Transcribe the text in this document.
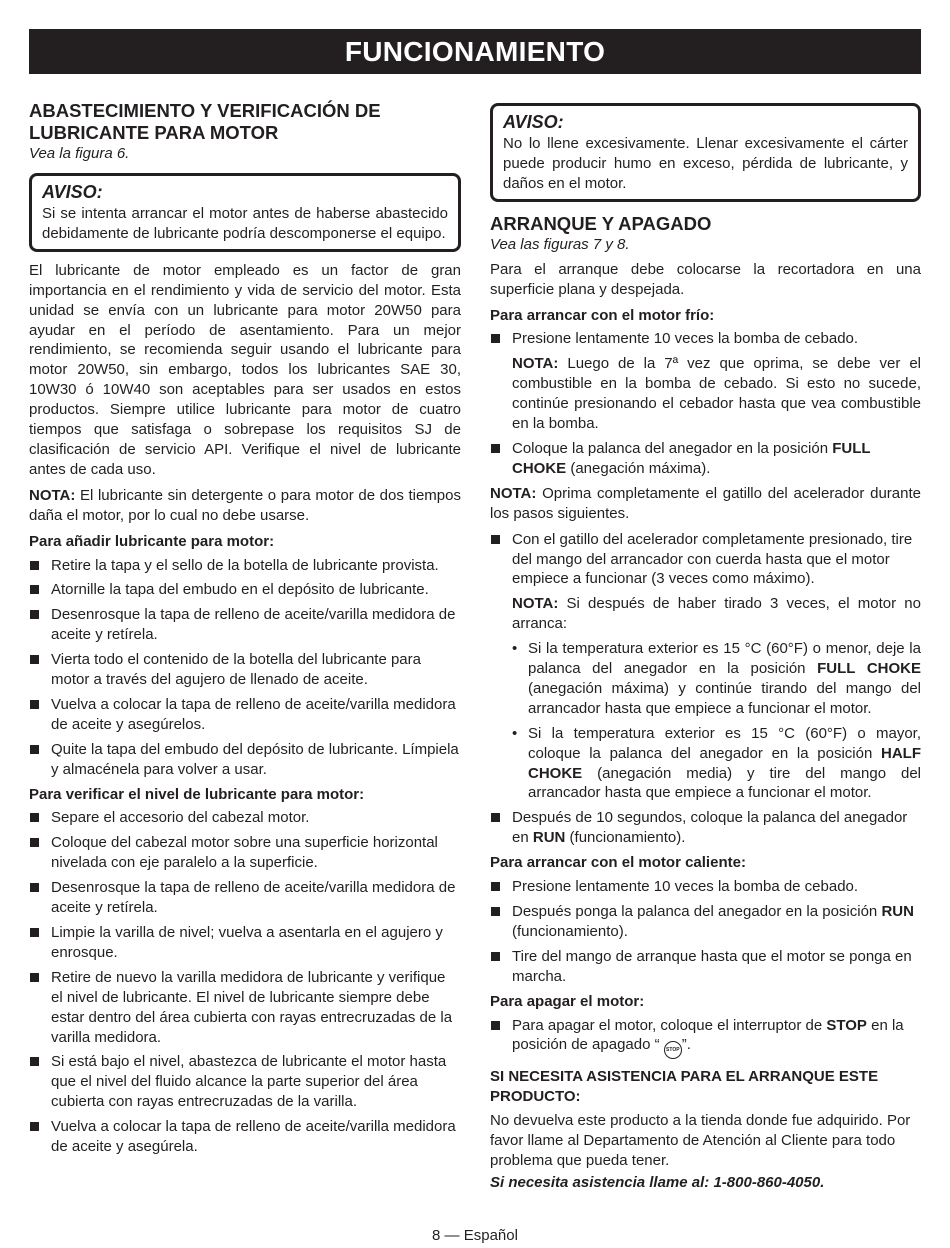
FUNCIONAMIENTO

ABASTECIMIENTO Y VERIFICACIÓN DE LUBRICANTE PARA MOTOR

Vea la figura 6.

AVISO:
Si se intenta arrancar el motor antes de haberse abastecido debidamente de lubricante podría descomponerse el equipo.

El lubricante de motor empleado es un factor de gran importancia en el rendimiento y vida de servicio del motor. Esta unidad se envía con un lubricante para motor 20W50 para ayudar en el período de asentamiento. Para un mejor rendimiento, se recomienda seguir usando el lubricante para motor 20W50, sin embargo, todos los lubricantes SAE 30, 10W30 ó 10W40 son aceptables para ser usados en estos productos. Siempre utilice lubricante para motor de cuatro tiempos que satisfaga o sobrepase los requisitos SJ de clasificación de servicio API. Verifique el nivel de lubricante antes de cada uso.

NOTA: El lubricante sin detergente o para motor de dos tiempos daña el motor, por lo cual no debe usarse.

Para añadir lubricante para motor:

Retire la tapa y el sello de la botella de lubricante provista.
Atornille la tapa del embudo en el depósito de lubricante.
Desenrosque la tapa de relleno de aceite/varilla medidora de aceite y retírela.
Vierta todo el contenido de la botella del lubricante para motor a través del agujero de llenado de aceite.
Vuelva a colocar la tapa de relleno de aceite/varilla medidora de aceite y asegúrelos.
Quite la tapa del embudo del depósito de lubricante. Límpiela y almacénela para volver a usar.

Para verificar el nivel de lubricante para motor:

Separe el accesorio del cabezal motor.
Coloque del cabezal motor sobre una superficie horizontal nivelada con eje paralelo a la superficie.
Desenrosque la tapa de relleno de aceite/varilla medidora de aceite y retírela.
Limpie la varilla de nivel; vuelva a asentarla en el agujero y enrosque.
Retire de nuevo la varilla medidora de lubricante y verifique el nivel de lubricante. El nivel de lubricante siempre debe estar dentro del área cubierta con rayas entrecruzadas de la varilla medidora.
Si está bajo el nivel, abastezca de lubricante el motor hasta que el nivel del fluido alcance la parte superior del área cubierta con rayas entrecruzadas de la varilla.
Vuelva a colocar la tapa de relleno de aceite/varilla medidora de aceite y asegúrela.
AVISO:
No lo llene excesivamente. Llenar excesivamente el cárter puede producir humo en exceso, pérdida de lubricante, y daños en el motor.

ARRANQUE Y APAGADO

Vea las figuras 7 y 8.

Para el arranque debe colocarse la recortadora en una superficie plana y despejada.

Para arrancar con el motor frío:

Presione lentamente 10 veces la bomba de cebado.
NOTA: Luego de la 7ª vez que oprima, se debe ver el combustible en la bomba de cebado. Si esto no sucede, continúe presionando el cebador hasta que vea combustible en la bomba.
Coloque la palanca del anegador en la posición FULL CHOKE (anegación máxima).

NOTA: Oprima completamente el gatillo del acelerador durante los pasos siguientes.

Con el gatillo del acelerador completamente presionado, tire del mango del arrancador con cuerda hasta que el motor empiece a funcionar (3 veces como máximo).
NOTA: Si después de haber tirado 3 veces, el motor no arranca:
• Si la temperatura exterior es 15 °C (60°F) o menor, deje la palanca del anegador en la posición FULL CHOKE (anegación máxima) y continúe tirando del mango del arrancador hasta que empiece a funcionar el motor.
• Si la temperatura exterior es 15 °C (60°F) o mayor, coloque la palanca del anegador en la posición HALF CHOKE (anegación media) y tire del mango del arrancador hasta que empiece a funcionar el motor.
Después de 10 segundos, coloque la palanca del anegador en RUN (funcionamiento).

Para arrancar con el motor caliente:

Presione lentamente 10 veces la bomba de cebado.
Después ponga la palanca del anegador en la posición RUN (funcionamiento).
Tire del mango de arranque hasta que el motor se ponga en marcha.

Para apagar el motor:

Para apagar el motor, coloque el interruptor de STOP en la posición de apagado “ STOP ”.

SI NECESITA ASISTENCIA PARA EL ARRANQUE ESTE PRODUCTO:

No devuelva este producto a la tienda donde fue adquirido. Por favor llame al Departamento de Atención al Cliente para todo problema que pueda tener.

Si necesita asistencia llame al: 1-800-860-4050.

8 — Español
